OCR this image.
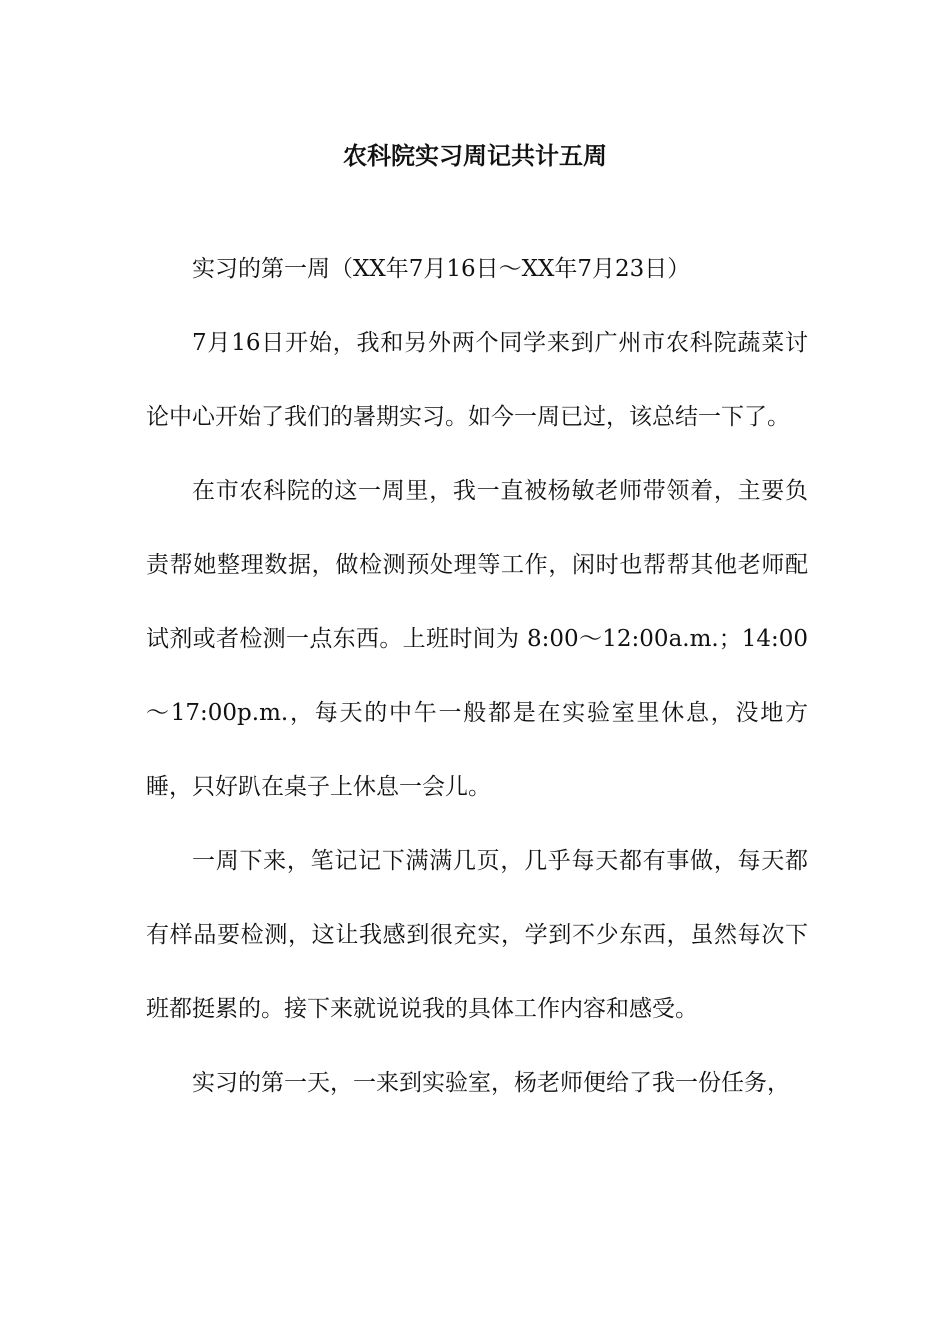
农科院实习周记共计五周

实习的第一周（XX年7月16日～XX年7月23日）

7月16日开始，我和另外两个同学来到广州市农科院蔬菜讨论中心开始了我们的暑期实习。如今一周已过，该总结一下了。

在市农科院的这一周里，我一直被杨敏老师带领着，主要负责帮她整理数据，做检测预处理等工作，闲时也帮帮其他老师配试剂或者检测一点东西。上班时间为 8:00～12:00a.m.；14:00～17:00p.m.，每天的中午一般都是在实验室里休息，没地方睡，只好趴在桌子上休息一会儿。

一周下来，笔记记下满满几页，几乎每天都有事做，每天都有样品要检测，这让我感到很充实，学到不少东西，虽然每次下班都挺累的。接下来就说说我的具体工作内容和感受。

实习的第一天，一来到实验室，杨老师便给了我一份任务，
